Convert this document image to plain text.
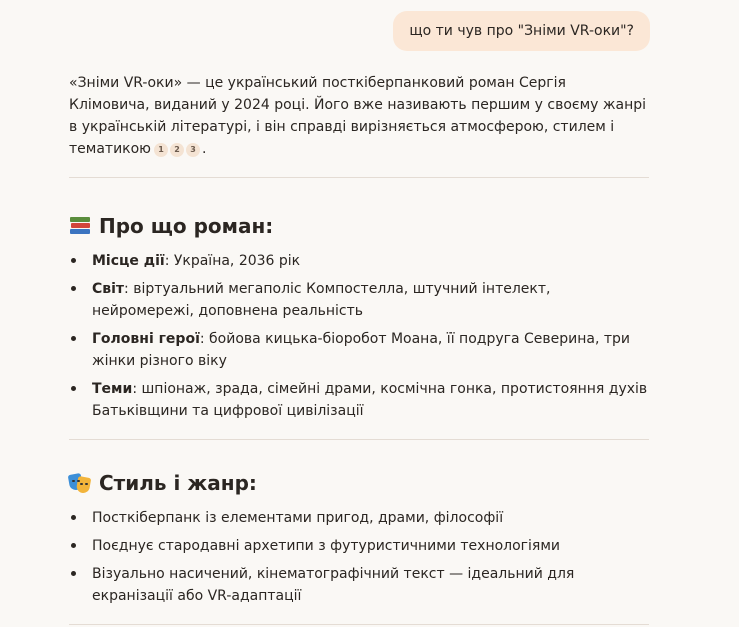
що ти чув про "Зніми VR-оки"?

«Зніми VR-оки» — це український посткіберпанковий роман Сергія Клімовича, виданий у 2024 році. Його вже називають першим у своєму жанрі в українській літературі, і він справді вирізняється атмосферою, стилем і тематикою 1 2 3 .

Про що роман:
Місце дії: Україна, 2036 рік
Світ: віртуальний мегаполіс Компостелла, штучний інтелект, нейромережі, доповнена реальність
Головні герої: бойова кицька-біоробот Моана, її подруга Северина, три жінки різного віку
Теми: шпіонаж, зрада, сімейні драми, космічна гонка, протистояння духів Батьківщини та цифрової цивілізації
Стиль і жанр:
Посткіберпанк із елементами пригод, драми, філософії
Поєднує стародавні архетипи з футуристичними технологіями
Візуально насичений, кінематографічний текст — ідеальний для екранізації або VR-адаптації
